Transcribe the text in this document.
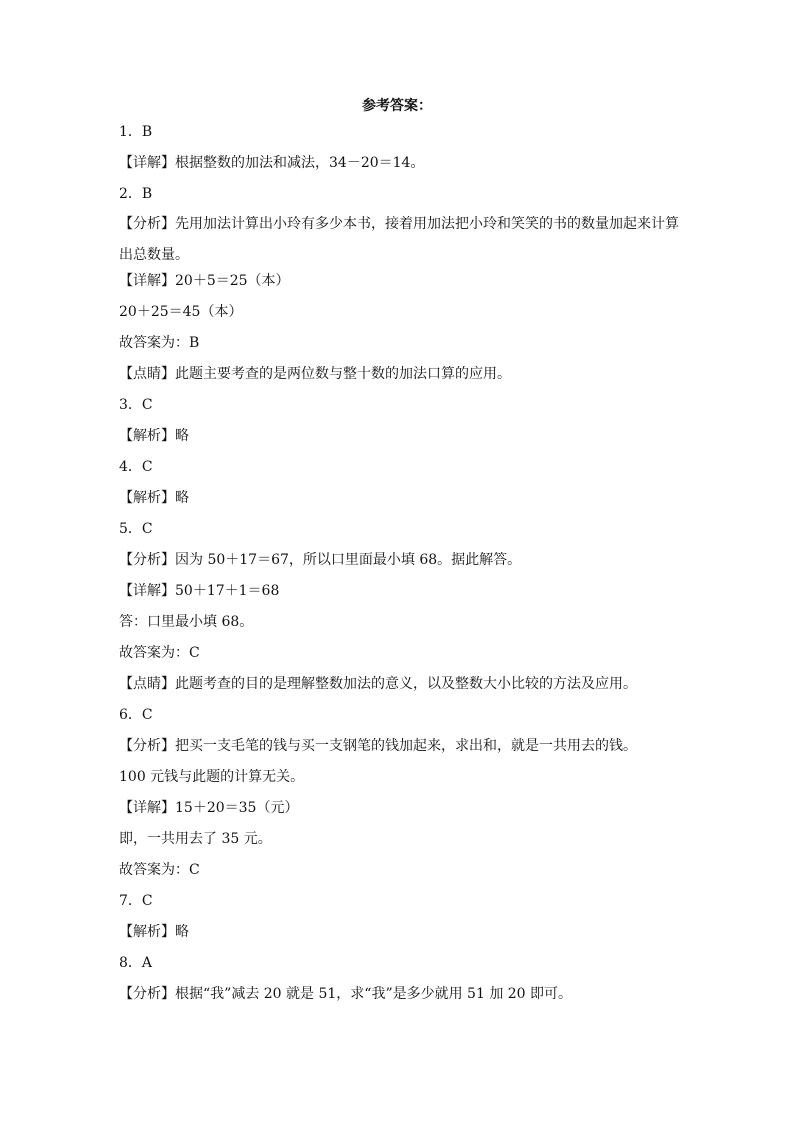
参考答案：
1．B
【详解】根据整数的加法和减法，34－20＝14。
2．B
【分析】先用加法计算出小玲有多少本书，接着用加法把小玲和笑笑的书的数量加起来计算出总数量。
【详解】20＋5＝25（本）
20＋25＝45（本）
故答案为：B
【点睛】此题主要考查的是两位数与整十数的加法口算的应用。
3．C
【解析】略
4．C
【解析】略
5．C
【分析】因为 50＋17＝67，所以口里面最小填 68。据此解答。
【详解】50＋17＋1＝68
答：口里最小填 68。
故答案为：C
【点睛】此题考查的目的是理解整数加法的意义，以及整数大小比较的方法及应用。
6．C
【分析】把买一支毛笔的钱与买一支钢笔的钱加起来，求出和，就是一共用去的钱。
100 元钱与此题的计算无关。
【详解】15＋20＝35（元）
即，一共用去了 35 元。
故答案为：C
7．C
【解析】略
8．A
【分析】根据“我”减去 20 就是 51，求“我”是多少就用 51 加 20 即可。
